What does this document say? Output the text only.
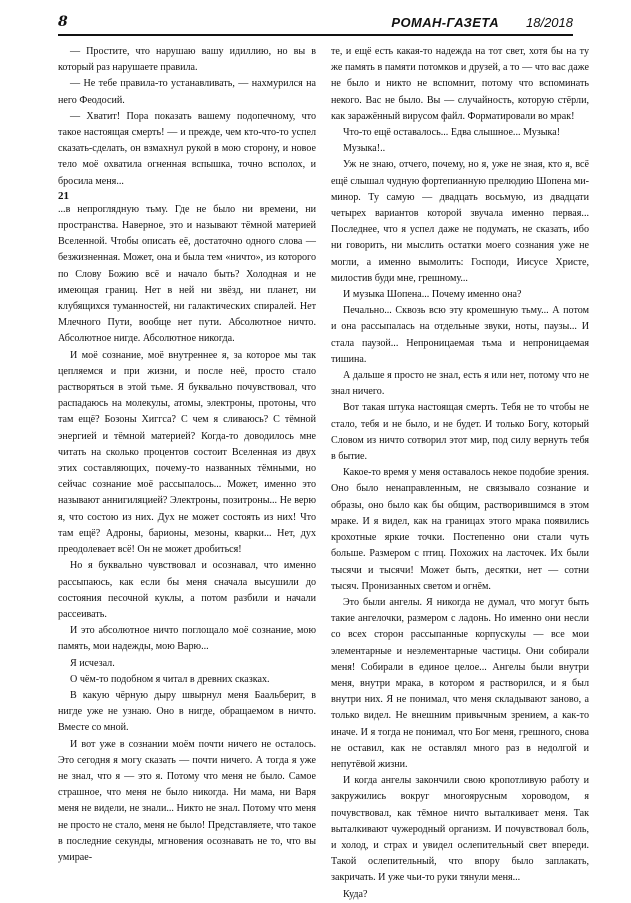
8	РОМАН-ГАЗЕТА 18/2018

— Простите, что нарушаю вашу идиллию, но вы в который раз нарушаете правила.

— Не тебе правила-то устанавливать, — нахмурился на него Феодосий.

— Хватит! Пора показать вашему подопечному, что такое настоящая смерть! — и прежде, чем кто-что-то успел сказать-сделать, он взмахнул рукой в мою сторону, и новое тело моё охватила огненная вспышка, точно всполох, и бросила меня...

21

...в непроглядную тьму. Где не было ни времени, ни пространства. Наверное, это и называют тёмной материей Вселенной. Чтобы описать её, достаточно одного слова — безжизненная. Может, она и была тем «ничто», из которого по Слову Божию всё и начало быть? Холодная и не имеющая границ. Нет в ней ни звёзд, ни планет, ни клубящихся туманностей, ни галактических спиралей. Нет Млечного Пути, вообще нет пути. Абсолютное ничто. Абсолютное нигде. Абсолютное никогда.

И моё сознание, моё внутреннее я, за которое мы так цепляемся и при жизни, и после неё, просто стало растворяться в этой тьме. Я буквально почувствовал, что распадаюсь на молекулы, атомы, электроны, протоны, что там ещё? Бозоны Хиггса? С чем я сливаюсь? С тёмной энергией и тёмной материей? Когда-то доводилось мне читать на сколько процентов состоит Вселенная из двух этих составляющих, почему-то названных тёмными, но сейчас сознание моё рассыпалось... Может, именно это называют аннигиляцией? Электроны, позитроны... Не верю я, что состою из них. Дух не может состоять из них! Что там ещё? Адроны, барионы, мезоны, кварки... Нет, дух преодолевает всё! Он не может дробиться!

Но я буквально чувствовал и осознавал, что именно рассыпаюсь, как если бы меня сначала высушили до состояния песочной куклы, а потом разбили и начали рассеивать.

И это абсолютное ничто поглощало моё сознание, мою память, мои надежды, мою Варю...

Я исчезал.

О чём-то подобном я читал в древних сказках.

В какую чёрную дыру швырнул меня Баальберит, в нигде уже не узнаю. Оно в нигде, обращаемом в ничто. Вместе со мной.

И вот уже в сознании моём почти ничего не осталось. Это сегодня я могу сказать — почти ничего. А тогда я уже не знал, что я — это я. Потому что меня не было. Самое страшное, что меня не было никогда. Ни мама, ни Варя меня не видели, не знали... Никто не знал. Потому что меня не просто не стало, меня не было! Представляете, что такое в последние секунды, мгновения осознавать не то, что вы умирае-

те, и ещё есть какая-то надежда на тот свет, хотя бы на ту же память в памяти потомков и друзей, а то — что вас даже не было и никто не вспомнит, потому что вспоминать некого. Вас не было. Вы — случайность, которую стёрли, как заражённый вирусом файл. Форматировали во мрак!

Что-то ещё оставалось... Едва слышное... Музыка!

Музыка!..

Уж не знаю, отчего, почему, но я, уже не зная, кто я, всё ещё слышал чудную фортепианную прелюдию Шопена ми-минор. Ту самую — двадцать восьмую, из двадцати четырех вариантов которой звучала именно первая... Последнее, что я успел даже не подумать, не сказать, ибо ни говорить, ни мыслить остатки моего сознания уже не могли, а именно вымолить: Господи, Иисусе Христе, милостив буди мне, грешному...

И музыка Шопена... Почему именно она?

Печально... Сквозь всю эту кромешную тьму... А потом и она рассыпалась на отдельные звуки, ноты, паузы... И стала паузой... Непроницаемая тьма и непроницаемая тишина.

А дальше я просто не знал, есть я или нет, потому что не знал ничего.

Вот такая штука настоящая смерть. Тебя не то чтобы не стало, тебя и не было, и не будет. И только Богу, который Словом из ничто сотворил этот мир, под силу вернуть тебя в бытие.

Какое-то время у меня оставалось некое подобие зрения. Оно было ненаправленным, не связывало сознание и образы, оно было как бы общим, растворившимся в этом мраке. И я видел, как на границах этого мрака появились крохотные яркие точки. Постепенно они стали чуть больше. Размером с птиц. Похожих на ласточек. Их были тысячи и тысячи! Может быть, десятки, нет — сотни тысяч. Пронизанных светом и огнём.

Это были ангелы. Я никогда не думал, что могут быть такие ангелочки, размером с ладонь. Но именно они несли со всех сторон рассыпанные корпускулы — все мои элементарные и неэлементарные частицы. Они собирали меня! Собирали в единое целое... Ангелы были внутри меня, внутри мрака, в котором я растворился, и я был внутри них. Я не понимал, что меня складывают заново, а только видел. Не внешним привычным зрением, а как-то иначе. И я тогда не понимал, что Бог меня, грешного, снова не оставил, как не оставлял много раз в недолгой и непутёвой жизни.

И когда ангелы закончили свою кропотливую работу и закружились вокруг многоярусным хороводом, я почувствовал, как тёмное ничто выталкивает меня. Так выталкивают чужеродный организм. И почувствовал боль, и холод, и страх и увидел ослепительный свет впереди. Такой ослепительный, что впору было заплакать, закричать. И уже чьи-то руки тянули меня...

Куда?
